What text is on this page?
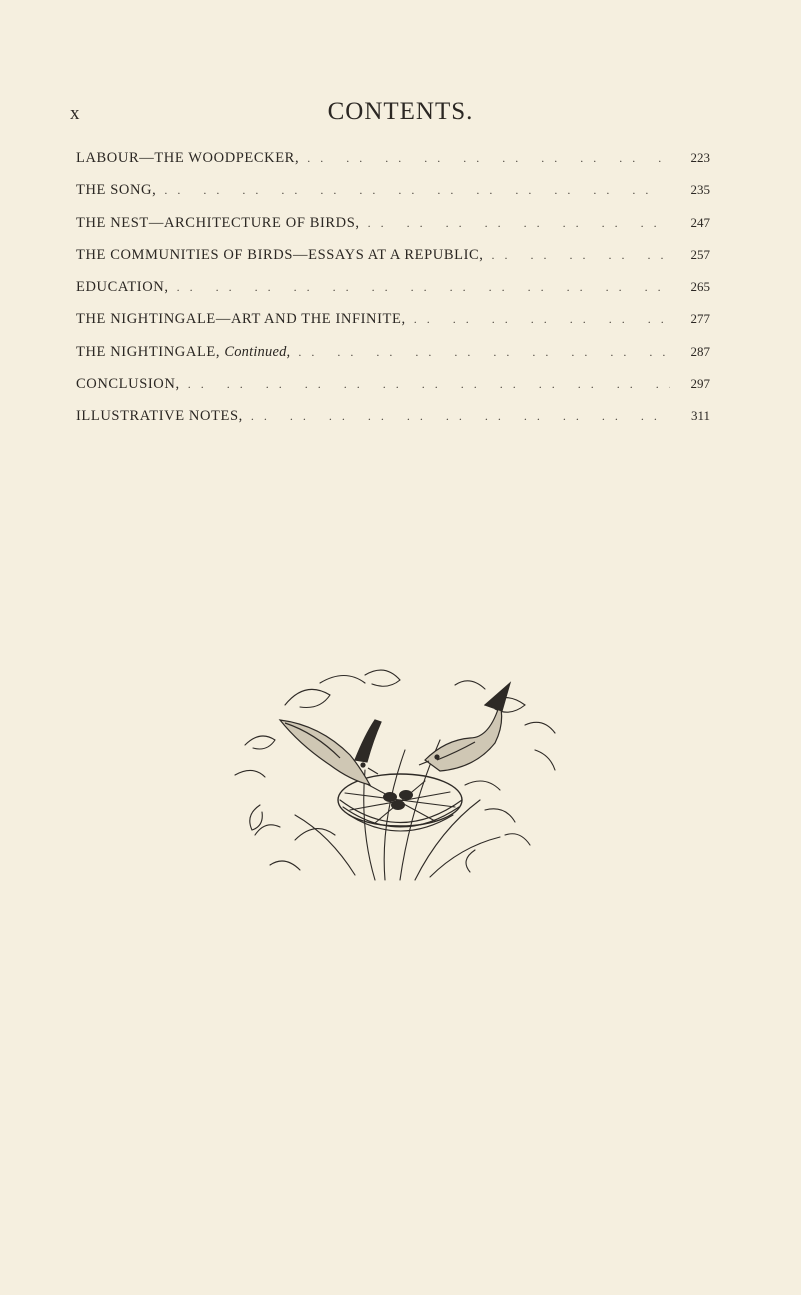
x	CONTENTS.
LABOUR—THE WOODPECKER, .. ..	223
THE SONG, .. ..	235
THE NEST—ARCHITECTURE OF BIRDS, .. ..	247
THE COMMUNITIES OF BIRDS—ESSAYS AT A REPUBLIC, .. ..	257
EDUCATION, .. ..	265
THE NIGHTINGALE—ART AND THE INFINITE, .. ..	277
THE NIGHTINGALE, Continued, .. ..	287
CONCLUSION, .. ..	297
ILLUSTRATIVE NOTES, .. ..	311
